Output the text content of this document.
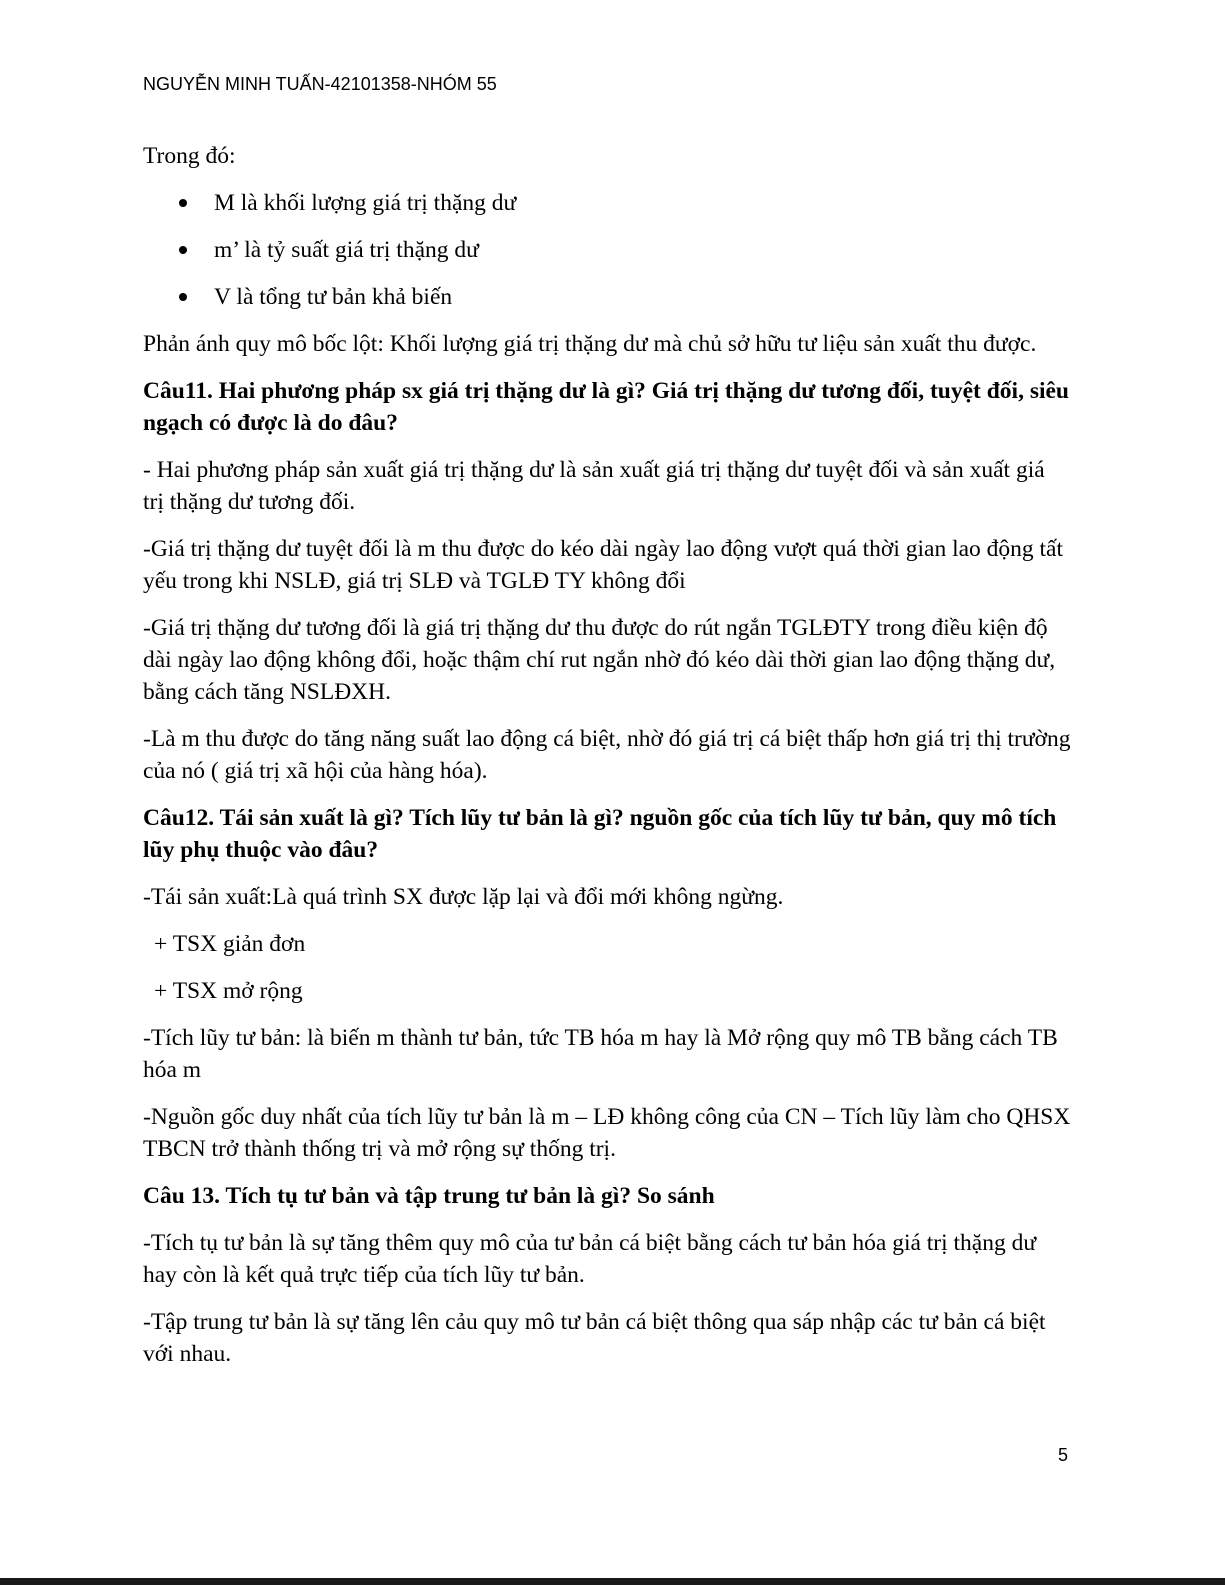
NGUYỄN MINH TUẤN-42101358-NHÓM 55

Trong đó:

M là khối lượng giá trị thặng dư
m’ là tỷ suất giá trị thặng dư
V là tổng tư bản khả biến

Phản ánh quy mô bốc lột: Khối lượng giá trị thặng dư mà chủ sở hữu tư liệu sản xuất thu được.

Câu11. Hai phương pháp sx giá trị thặng dư là gì? Giá trị thặng dư tương đối, tuyệt đối, siêu ngạch có được là do đâu?

- Hai phương pháp sản xuất giá trị thặng dư là sản xuất giá trị thặng dư tuyệt đối và sản xuất giá trị thặng dư tương đối.

-Giá trị thặng dư tuyệt đối là m thu được do kéo dài ngày lao động vượt quá thời gian lao động tất yếu trong khi NSLĐ, giá trị SLĐ và TGLĐ TY không đổi

-Giá trị thặng dư tương đối là giá trị thặng dư thu được do rút ngắn TGLĐTY trong điều kiện độ dài ngày lao động không đổi, hoặc thậm chí rut ngắn nhờ đó kéo dài thời gian lao động thặng dư, bằng cách tăng NSLĐXH.

-Là m thu được do tăng năng suất lao động cá biệt, nhờ đó giá trị cá biệt thấp hơn giá trị thị trường của nó ( giá trị xã hội của hàng hóa).

Câu12. Tái sản xuất là gì? Tích lũy tư bản là gì? nguồn gốc của tích lũy tư bản, quy mô tích lũy phụ thuộc vào đâu?

-Tái sản xuất:Là quá trình SX được lặp lại và đổi mới không ngừng.

+ TSX giản đơn

+ TSX mở rộng

-Tích lũy tư bản: là biến m thành tư bản, tức TB hóa m hay là Mở rộng quy mô TB bằng cách TB hóa m

-Nguồn gốc duy nhất của tích lũy tư bản là m – LĐ không công của CN – Tích lũy làm cho QHSX TBCN trở thành thống trị và mở rộng sự thống trị.

Câu 13. Tích tụ tư bản và tập trung tư bản là gì? So sánh

-Tích tụ tư bản là sự tăng thêm quy mô của tư bản cá biệt bằng cách tư bản hóa giá trị thặng dư hay còn là kết quả trực tiếp của tích lũy tư bản.

-Tập trung tư bản là sự tăng lên cảu quy mô tư bản cá biệt thông qua sáp nhập các tư bản cá biệt với nhau.

5
